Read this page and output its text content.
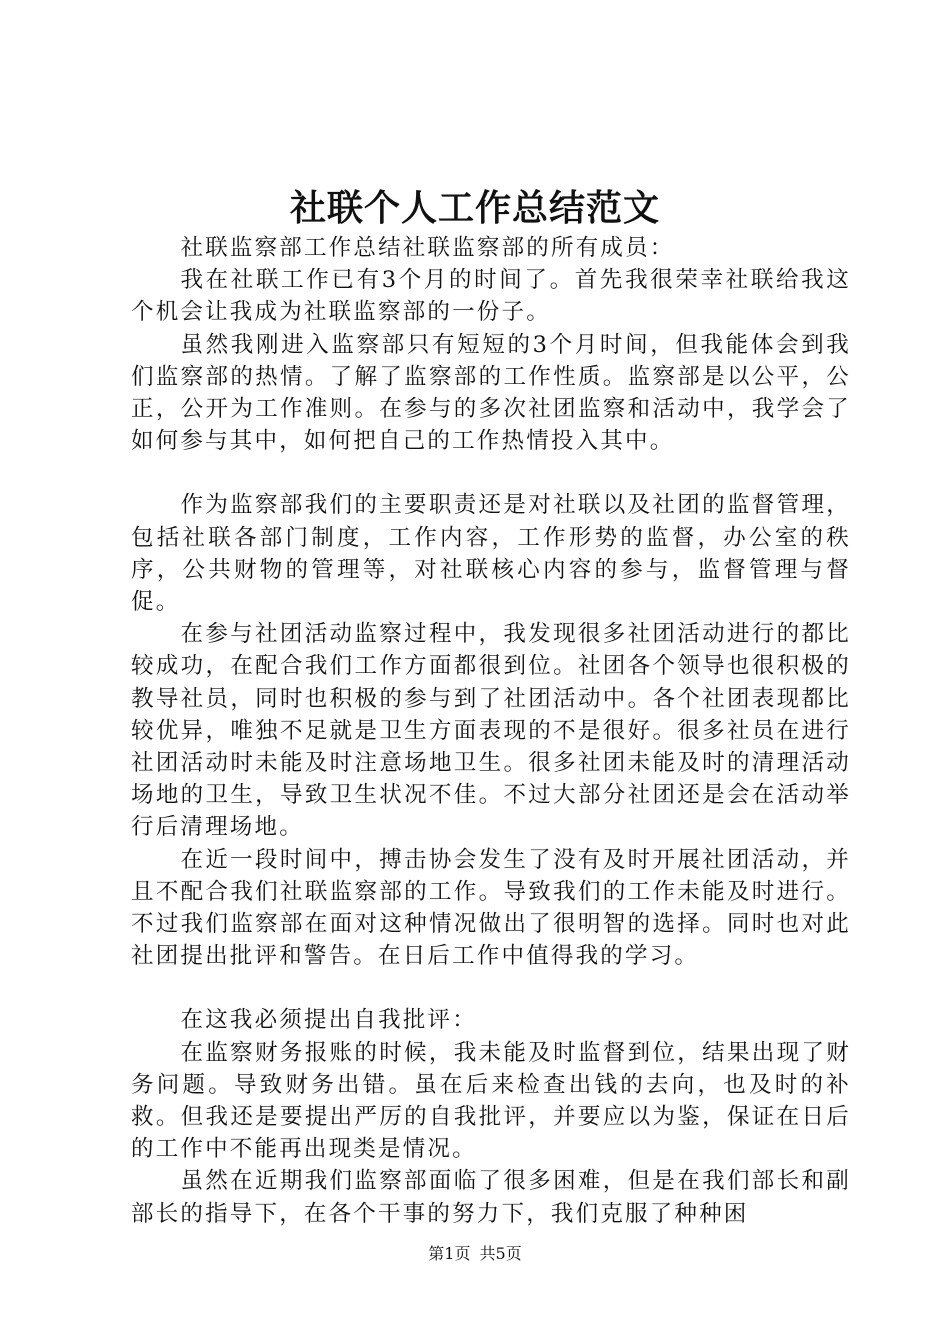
社联个人工作总结范文

社联监察部工作总结社联监察部的所有成员：

我在社联工作已有3个月的时间了。首先我很荣幸社联给我这个机会让我成为社联监察部的一份子。

虽然我刚进入监察部只有短短的3个月时间，但我能体会到我们监察部的热情。了解了监察部的工作性质。监察部是以公平，公正，公开为工作准则。在参与的多次社团监察和活动中，我学会了如何参与其中，如何把自己的工作热情投入其中。

作为监察部我们的主要职责还是对社联以及社团的监督管理，包括社联各部门制度，工作内容，工作形势的监督，办公室的秩序，公共财物的管理等，对社联核心内容的参与，监督管理与督促。

在参与社团活动监察过程中，我发现很多社团活动进行的都比较成功，在配合我们工作方面都很到位。社团各个领导也很积极的教导社员，同时也积极的参与到了社团活动中。各个社团表现都比较优异，唯独不足就是卫生方面表现的不是很好。很多社员在进行社团活动时未能及时注意场地卫生。很多社团未能及时的清理活动场地的卫生，导致卫生状况不佳。不过大部分社团还是会在活动举行后清理场地。

在近一段时间中，搏击协会发生了没有及时开展社团活动，并且不配合我们社联监察部的工作。导致我们的工作未能及时进行。不过我们监察部在面对这种情况做出了很明智的选择。同时也对此社团提出批评和警告。在日后工作中值得我的学习。

在这我必须提出自我批评：

在监察财务报账的时候，我未能及时监督到位，结果出现了财务问题。导致财务出错。虽在后来检查出钱的去向，也及时的补救。但我还是要提出严厉的自我批评，并要应以为鉴，保证在日后的工作中不能再出现类是情况。

虽然在近期我们监察部面临了很多困难，但是在我们部长和副部长的指导下，在各个干事的努力下，我们克服了种种困

第1页 共5页
